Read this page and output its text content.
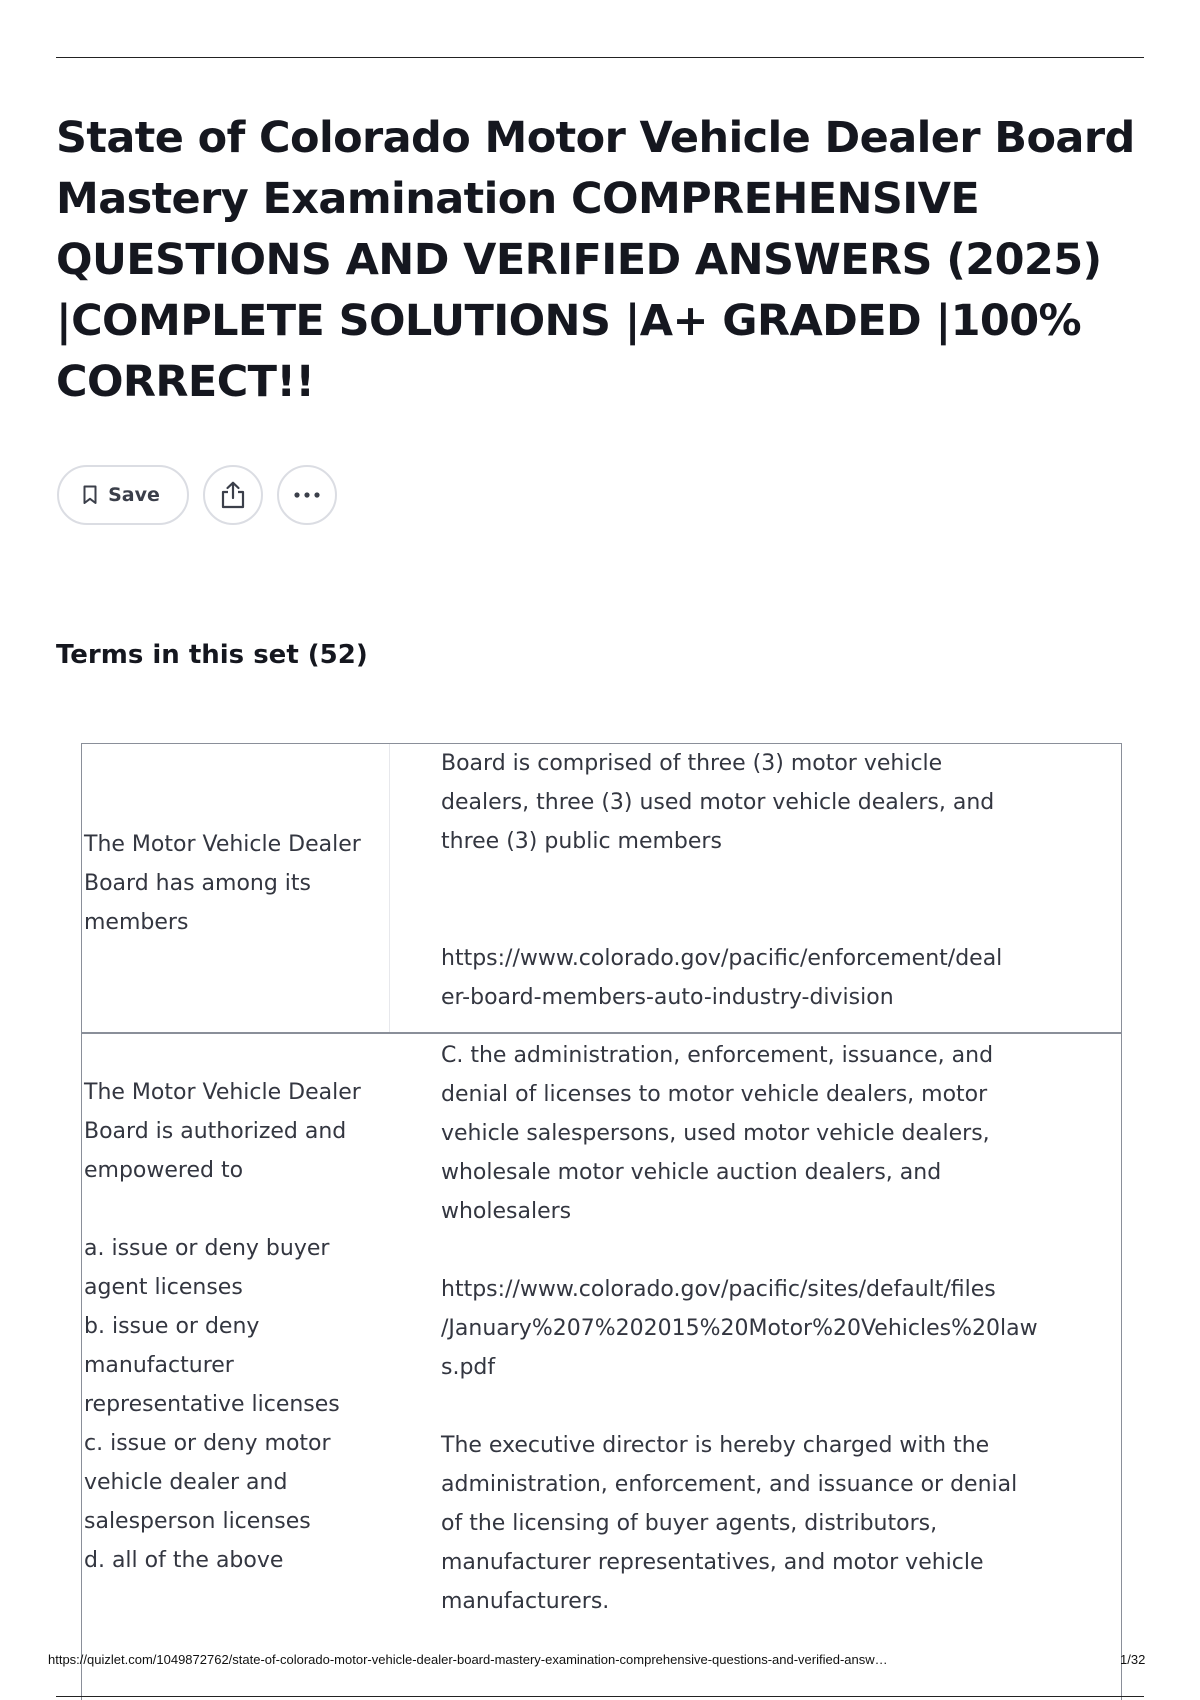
State of Colorado Motor Vehicle Dealer Board Mastery Examination COMPREHENSIVE QUESTIONS AND VERIFIED ANSWERS (2025) |COMPLETE SOLUTIONS |A+ GRADED |100% CORRECT!!
Save
Terms in this set (52)
The Motor Vehicle Dealer
Board has among its
members
Board is comprised of three (3) motor vehicle
dealers, three (3) used motor vehicle dealers, and
three (3) public members

https://www.colorado.gov/pacific/enforcement/deal
er-board-members-auto-industry-division
The Motor Vehicle Dealer
Board is authorized and
empowered to

a. issue or deny buyer
agent licenses
b. issue or deny
manufacturer
representative licenses
c. issue or deny motor
vehicle dealer and
salesperson licenses
d. all of the above
C. the administration, enforcement, issuance, and
denial of licenses to motor vehicle dealers, motor
vehicle salespersons, used motor vehicle dealers,
wholesale motor vehicle auction dealers, and
wholesalers

https://www.colorado.gov/pacific/sites/default/files
/January%207%202015%20Motor%20Vehicles%20law
s.pdf

The executive director is hereby charged with the
administration, enforcement, and issuance or denial
of the licensing of buyer agents, distributors,
manufacturer representatives, and motor vehicle
manufacturers.
https://quizlet.com/1049872762/state-of-colorado-motor-vehicle-dealer-board-mastery-examination-comprehensive-questions-and-verified-answ…	1/32
